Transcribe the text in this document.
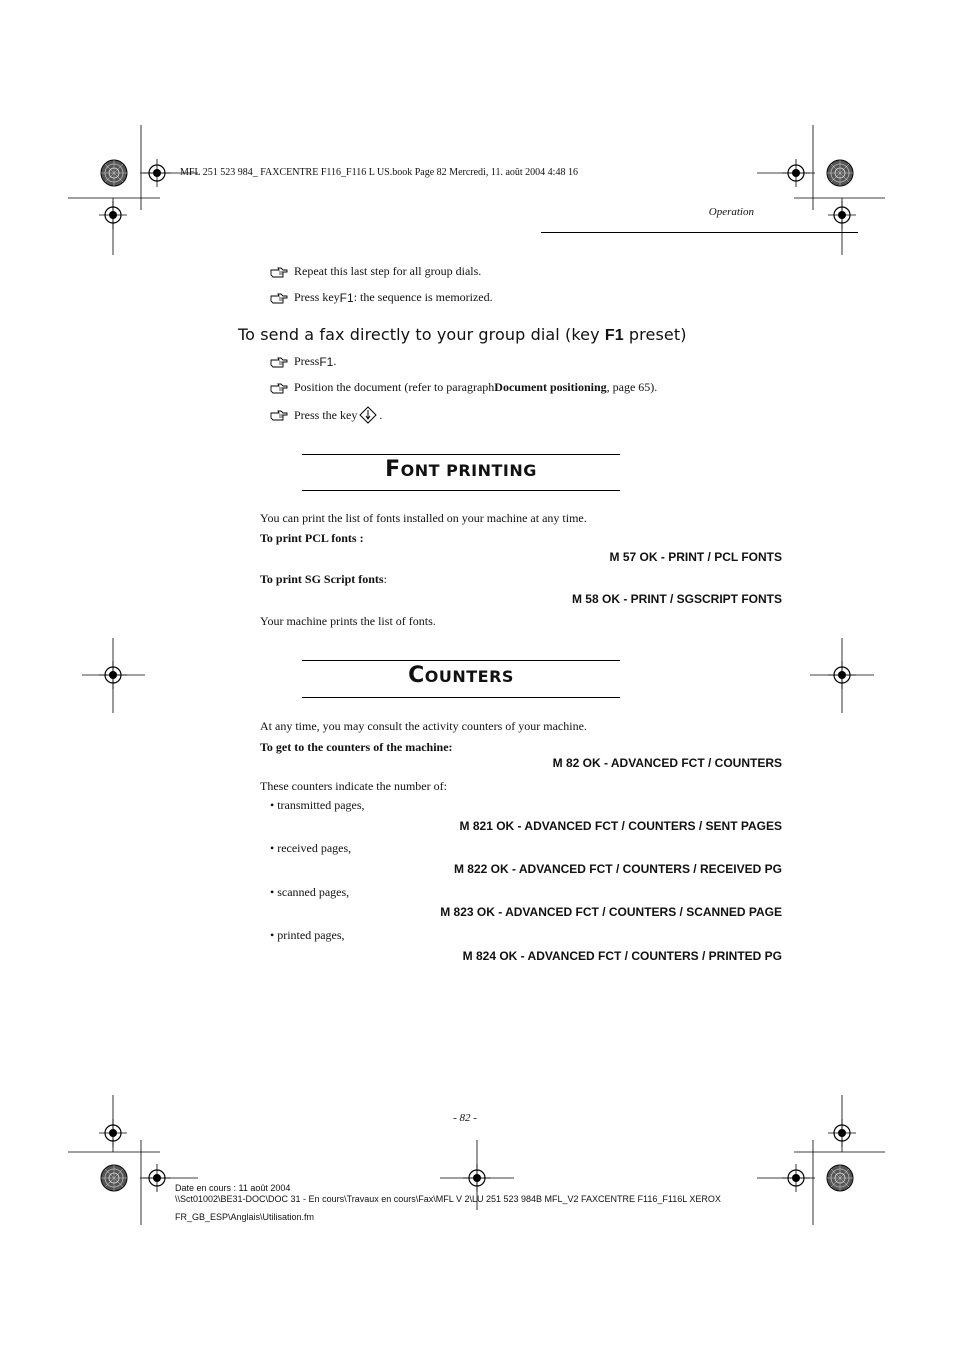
MFL 251 523 984_ FAXCENTRE F116_F116 L US.book Page 82 Mercredi, 11. août 2004 4:48 16
Operation
Repeat this last step for all group dials.
Press key F1 : the sequence is memorized.
To send a fax directly to your group dial (key F1 preset)
Press F1 .
Position the document (refer to paragraph Document positioning , page 65).
Press the key .
FONT PRINTING
You can print the list of fonts installed on your machine at any time.
To print PCL fonts :
M 57 OK - PRINT / PCL FONTS
To print SG Script fonts:
M 58 OK - PRINT / SGSCRIPT FONTS
Your machine prints the list of fonts.
COUNTERS
At any time, you may consult the activity counters of your machine.
To get to the counters of the machine:
M 82 OK - ADVANCED FCT / COUNTERS
These counters indicate the number of:
• transmitted pages,
M 821 OK - ADVANCED FCT / COUNTERS / SENT PAGES
• received pages,
M 822 OK - ADVANCED FCT / COUNTERS / RECEIVED PG
• scanned pages,
M 823 OK - ADVANCED FCT / COUNTERS / SCANNED PAGE
• printed pages,
M 824 OK - ADVANCED FCT / COUNTERS / PRINTED PG
- 82 -
Date en cours : 11 août 2004
\\Sct01002\BE31-DOC\DOC 31 - En cours\Travaux en cours\Fax\MFL V 2\LU 251 523 984B MFL_V2 FAXCENTRE F116_F116L XEROX
FR_GB_ESP\Anglais\Utilisation.fm
